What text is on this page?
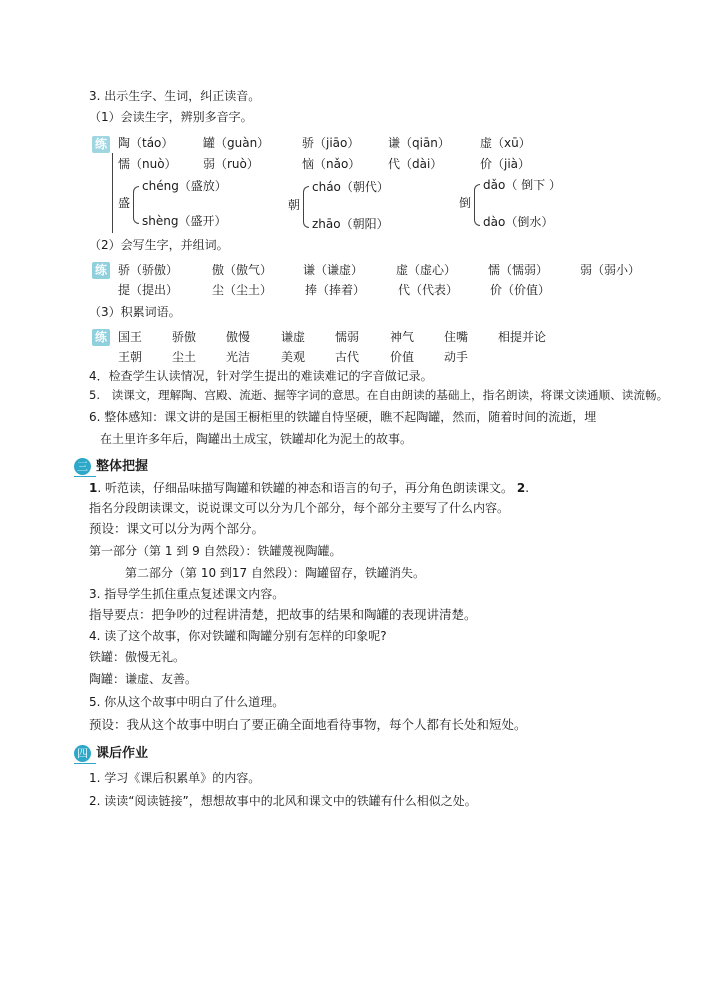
3. 出示生字、生词，纠正读音。
（1）会读生字，辨别多音字。
练 陶（táo） 罐（guàn）	骄（jiāo） 谦（qiān）	虚（xū）
懦（nuò） 弱（ruò）	恼（nǎo） 代（dài）	价（jià）
盛
chéng（盛放）
shèng（盛开）
朝
cháo（朝代）
zhāo（朝阳）
倒
dǎo（ 倒下 ）
dào（倒水）
（2）会写生字，并组词。
练 骄（骄傲）	傲（傲气）	谦（谦虚）	虚（虚心）	懦（懦弱）	弱（弱小）
提（提出）	尘（尘土）	捧（捧着）	代（代表）	价（价值）
（3）积累词语。
练 国王 骄傲 傲慢	谦虚 懦弱	神气 住嘴 相提并论
王朝 尘土 光洁	美观 古代	价值 动手
4．检查学生认读情况，针对学生提出的难读难记的字音做记录。
5.　读课文，理解陶、宫殿、流逝、掘等字词的意思。在自由朗读的基础上，指名朗读，将课文读通顺、读流畅。
6. 整体感知：课文讲的是国王橱柜里的铁罐自恃坚硬，瞧不起陶罐，然而，随着时间的流逝，埋
在土里许多年后，陶罐出土成宝，铁罐却化为泥土的故事。
三 整体把握
1. 听范读，仔细品味描写陶罐和铁罐的神态和语言的句子，再分角色朗读课文。 2.
指名分段朗读课文，说说课文可以分为几个部分，每个部分主要写了什么内容。
预设：课文可以分为两个部分。
第一部分（第 1 到 9 自然段）：铁罐蔑视陶罐。
第二部分（第 10 到17 自然段）：陶罐留存，铁罐消失。
3. 指导学生抓住重点复述课文内容。
指导要点：把争吵的过程讲清楚，把故事的结果和陶罐的表现讲清楚。
4. 读了这个故事，你对铁罐和陶罐分别有怎样的印象呢?
铁罐：傲慢无礼。
陶罐：谦虚、友善。
5. 你从这个故事中明白了什么道理。
预设：我从这个故事中明白了要正确全面地看待事物，每个人都有长处和短处。
四 课后作业
1. 学习《课后积累单》的内容。
2. 读读“阅读链接”，想想故事中的北风和课文中的铁罐有什么相似之处。
